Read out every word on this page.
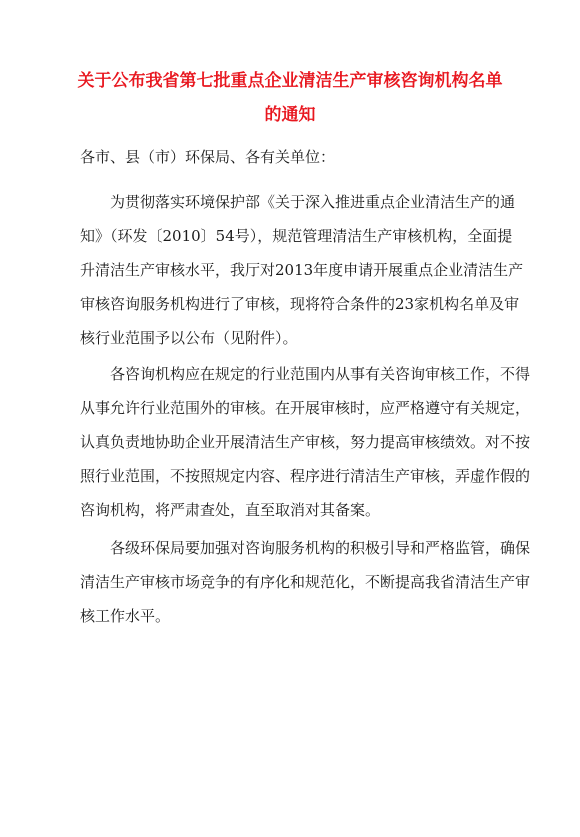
关于公布我省第七批重点企业清洁生产审核咨询机构名单
的通知
各市、县（市）环保局、各有关单位：
为贯彻落实环境保护部《关于深入推进重点企业清洁生产的通
知》（环发〔2010〕54号），规范管理清洁生产审核机构，全面提
升清洁生产审核水平，我厅对2013年度申请开展重点企业清洁生产
审核咨询服务机构进行了审核，现将符合条件的23家机构名单及审
核行业范围予以公布（见附件）。
各咨询机构应在规定的行业范围内从事有关咨询审核工作，不得
从事允许行业范围外的审核。在开展审核时，应严格遵守有关规定，
认真负责地协助企业开展清洁生产审核，努力提高审核绩效。对不按
照行业范围，不按照规定内容、程序进行清洁生产审核，弄虚作假的
咨询机构，将严肃查处，直至取消对其备案。
各级环保局要加强对咨询服务机构的积极引导和严格监管，确保
清洁生产审核市场竞争的有序化和规范化，不断提高我省清洁生产审
核工作水平。
